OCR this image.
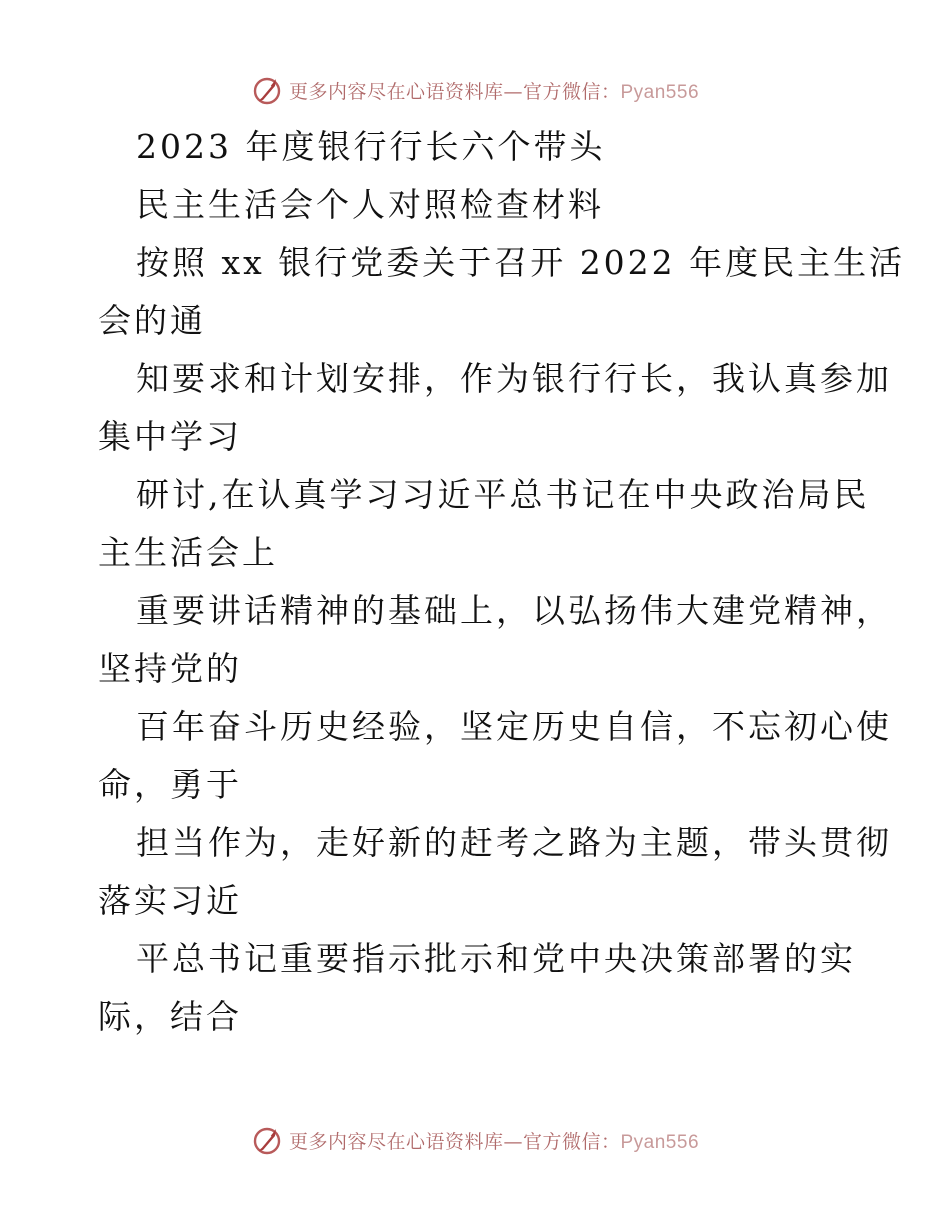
更多内容尽在心语资料库—官方微信：Pyan556
2023 年度银行行长六个带头
民主生活会个人对照检查材料
按照 xx 银行党委关于召开 2022 年度民主生活
会的通
知要求和计划安排，作为银行行长，我认真参加
集中学习
研讨,在认真学习习近平总书记在中央政治局民
主生活会上
重要讲话精神的基础上，以弘扬伟大建党精神，
坚持党的
百年奋斗历史经验，坚定历史自信，不忘初心使
命，勇于
担当作为，走好新的赶考之路为主题，带头贯彻
落实习近
平总书记重要指示批示和党中央决策部署的实
际，结合
更多内容尽在心语资料库—官方微信：Pyan556
